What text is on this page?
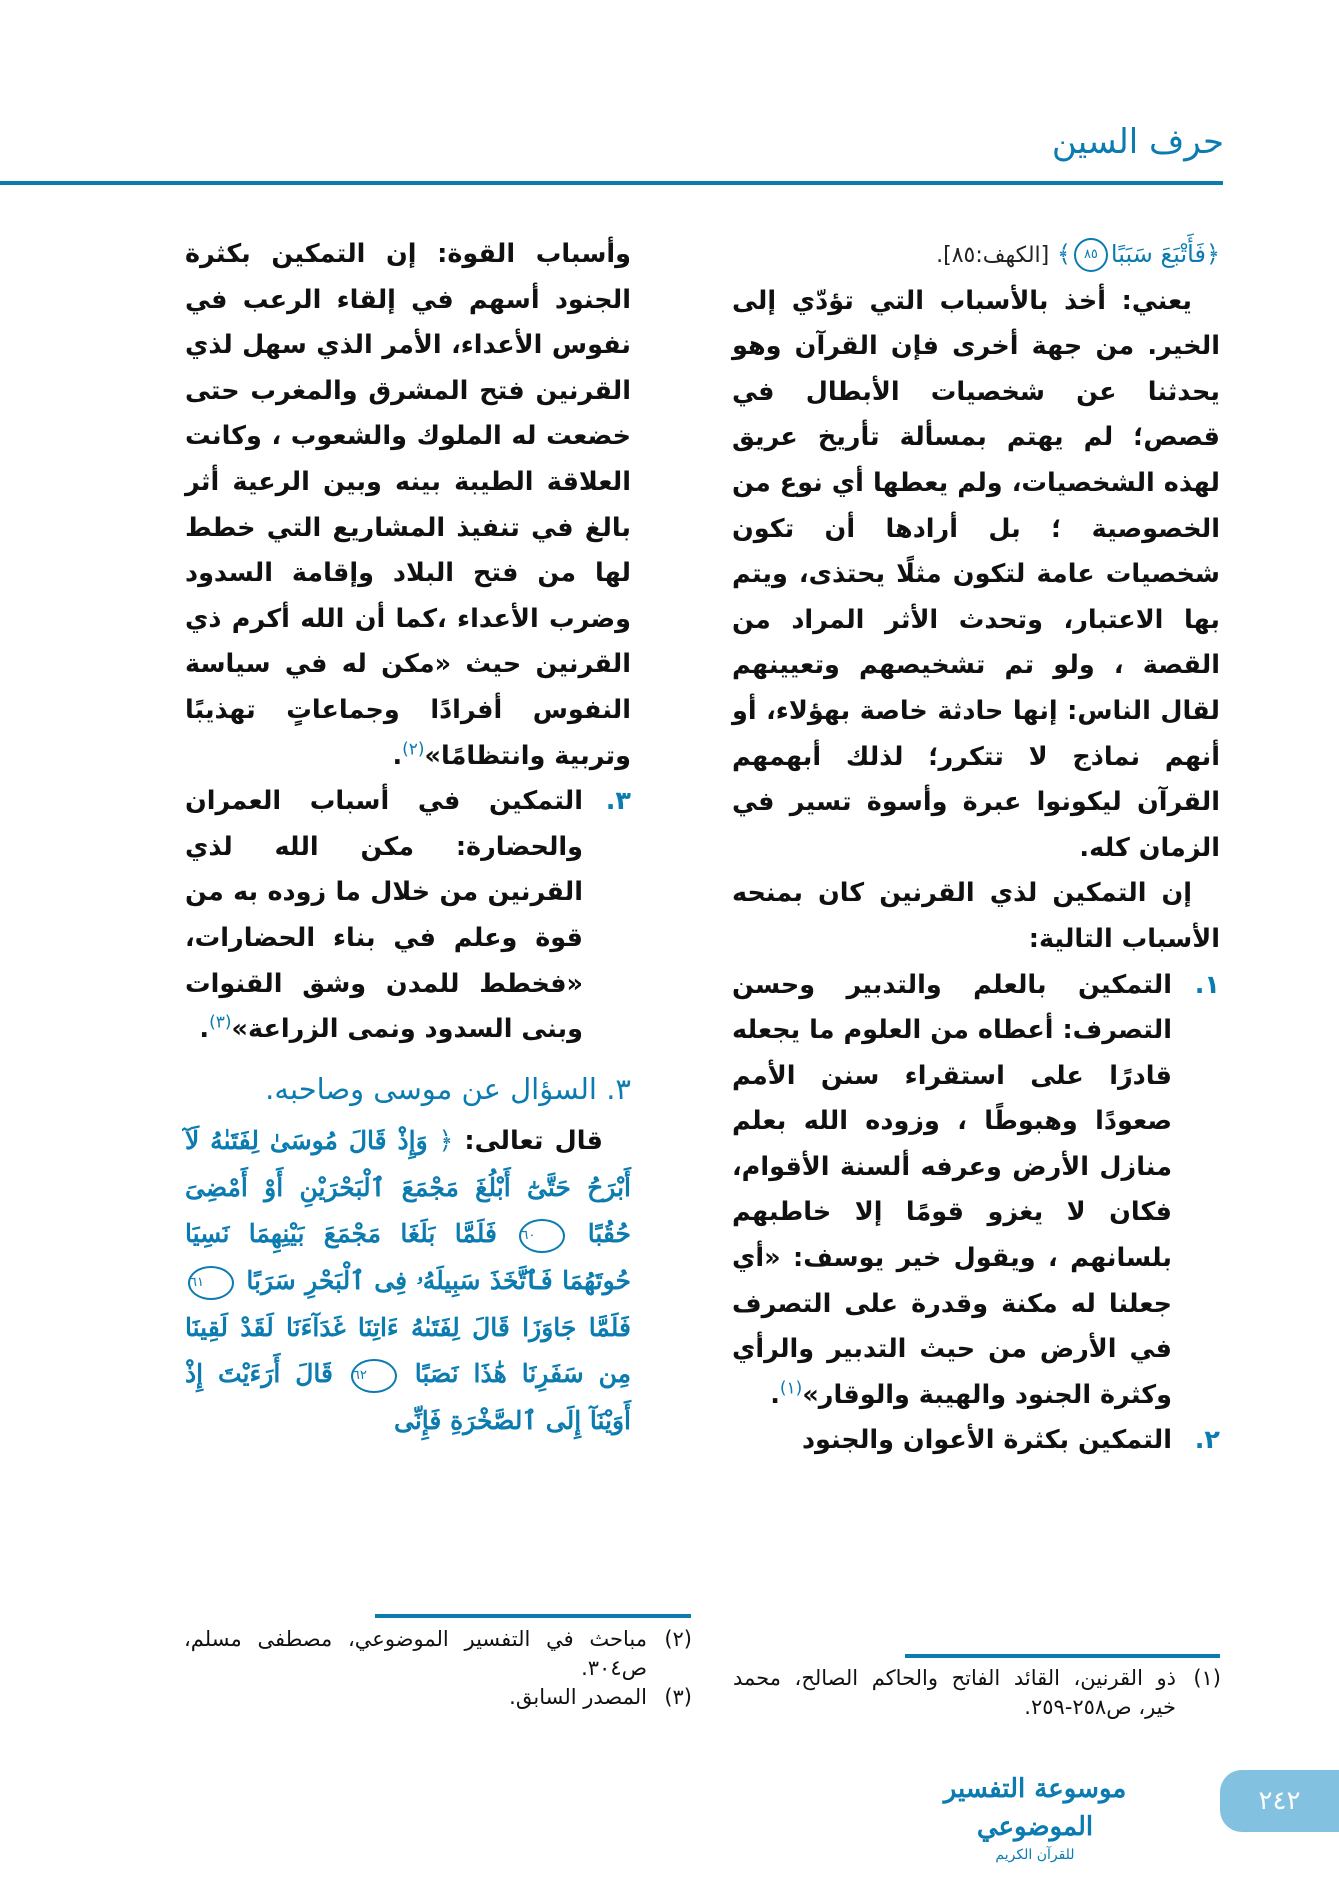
حرف السين

﴿فَأَتْبَعَ سَبَبًا٨٥﴾ [الكهف:٨٥].

يعني: أخذ بالأسباب التي تؤدّي إلى الخير. من جهة أخرى فإن القرآن وهو يحدثنا عن شخصيات الأبطال في قصص؛ لم يهتم بمسألة تأريخ عريق لهذه الشخصيات، ولم يعطها أي نوع من الخصوصية ؛ بل أرادها أن تكون شخصيات عامة لتكون مثلًا يحتذى، ويتم بها الاعتبار، وتحدث الأثر المراد من القصة ، ولو تم تشخيصهم وتعيينهم لقال الناس: إنها حادثة خاصة بهؤلاء، أو أنهم نماذج لا تتكرر؛ لذلك أبهمهم القرآن ليكونوا عبرة وأسوة تسير في الزمان كله.

إن التمكين لذي القرنين كان بمنحه الأسباب التالية:

١.
التمكين بالعلم والتدبير وحسن التصرف: أعطاه من العلوم ما يجعله قادرًا على استقراء سنن الأمم صعودًا وهبوطًا ، وزوده الله بعلم منازل الأرض وعرفه ألسنة الأقوام، فكان لا يغزو قومًا إلا خاطبهم بلسانهم ، ويقول خير يوسف: «أي جعلنا له مكنة وقدرة على التصرف في الأرض من حيث التدبير والرأي وكثرة الجنود والهيبة والوقار»$^{(١)}$.
٢.
التمكين بكثرة الأعوان والجنود

وأسباب القوة: إن التمكين بكثرة الجنود أسهم في إلقاء الرعب في نفوس الأعداء، الأمر الذي سهل لذي القرنين فتح المشرق والمغرب حتى خضعت له الملوك والشعوب ، وكانت العلاقة الطيبة بينه وبين الرعية أثر بالغ في تنفيذ المشاريع التي خطط لها من فتح البلاد وإقامة السدود وضرب الأعداء ،كما أن الله أكرم ذي القرنين حيث «مكن له في سياسة النفوس أفرادًا وجماعاتٍ تهذيبًا وتربية وانتظامًا»$^{(٢)}$.

٣.
التمكين في أسباب العمران والحضارة: مكن الله لذي القرنين من خلال ما زوده به من قوة وعلم في بناء الحضارات، «فخطط للمدن وشق القنوات وبنى السدود ونمى الزراعة»$^{(٣)}$.

٣. السؤال عن موسى وصاحبه.

قال تعالى: ﴿ وَإِذْ قَالَ مُوسَىٰ لِفَتَىٰهُ لَآ أَبْرَحُ حَتَّىٰٓ أَبْلُغَ مَجْمَعَ ٱلْبَحْرَيْنِ أَوْ أَمْضِىَ حُقُبًا ٦٠ فَلَمَّا بَلَغَا مَجْمَعَ بَيْنِهِمَا نَسِيَا حُوتَهُمَا فَٱتَّخَذَ سَبِيلَهُۥ فِى ٱلْبَحْرِ سَرَبًا ٦١ فَلَمَّا جَاوَزَا قَالَ لِفَتَىٰهُ ءَاتِنَا غَدَآءَنَا لَقَدْ لَقِينَا مِن سَفَرِنَا هَٰذَا نَصَبًا ٦٢ قَالَ أَرَءَيْتَ إِذْ أَوَيْنَآ إِلَى ٱلصَّخْرَةِ فَإِنِّى

(١)
ذو القرنين، القائد الفاتح والحاكم الصالح، محمد خير، ص٢٥٨-٢٥٩.

(٢)
مباحث في التفسير الموضوعي، مصطفى مسلم، ص٣٠٤.

(٣)
المصدر السابق.

موسوعة التفسير الموضوعي
للقرآن الكريم
٢٤٢
